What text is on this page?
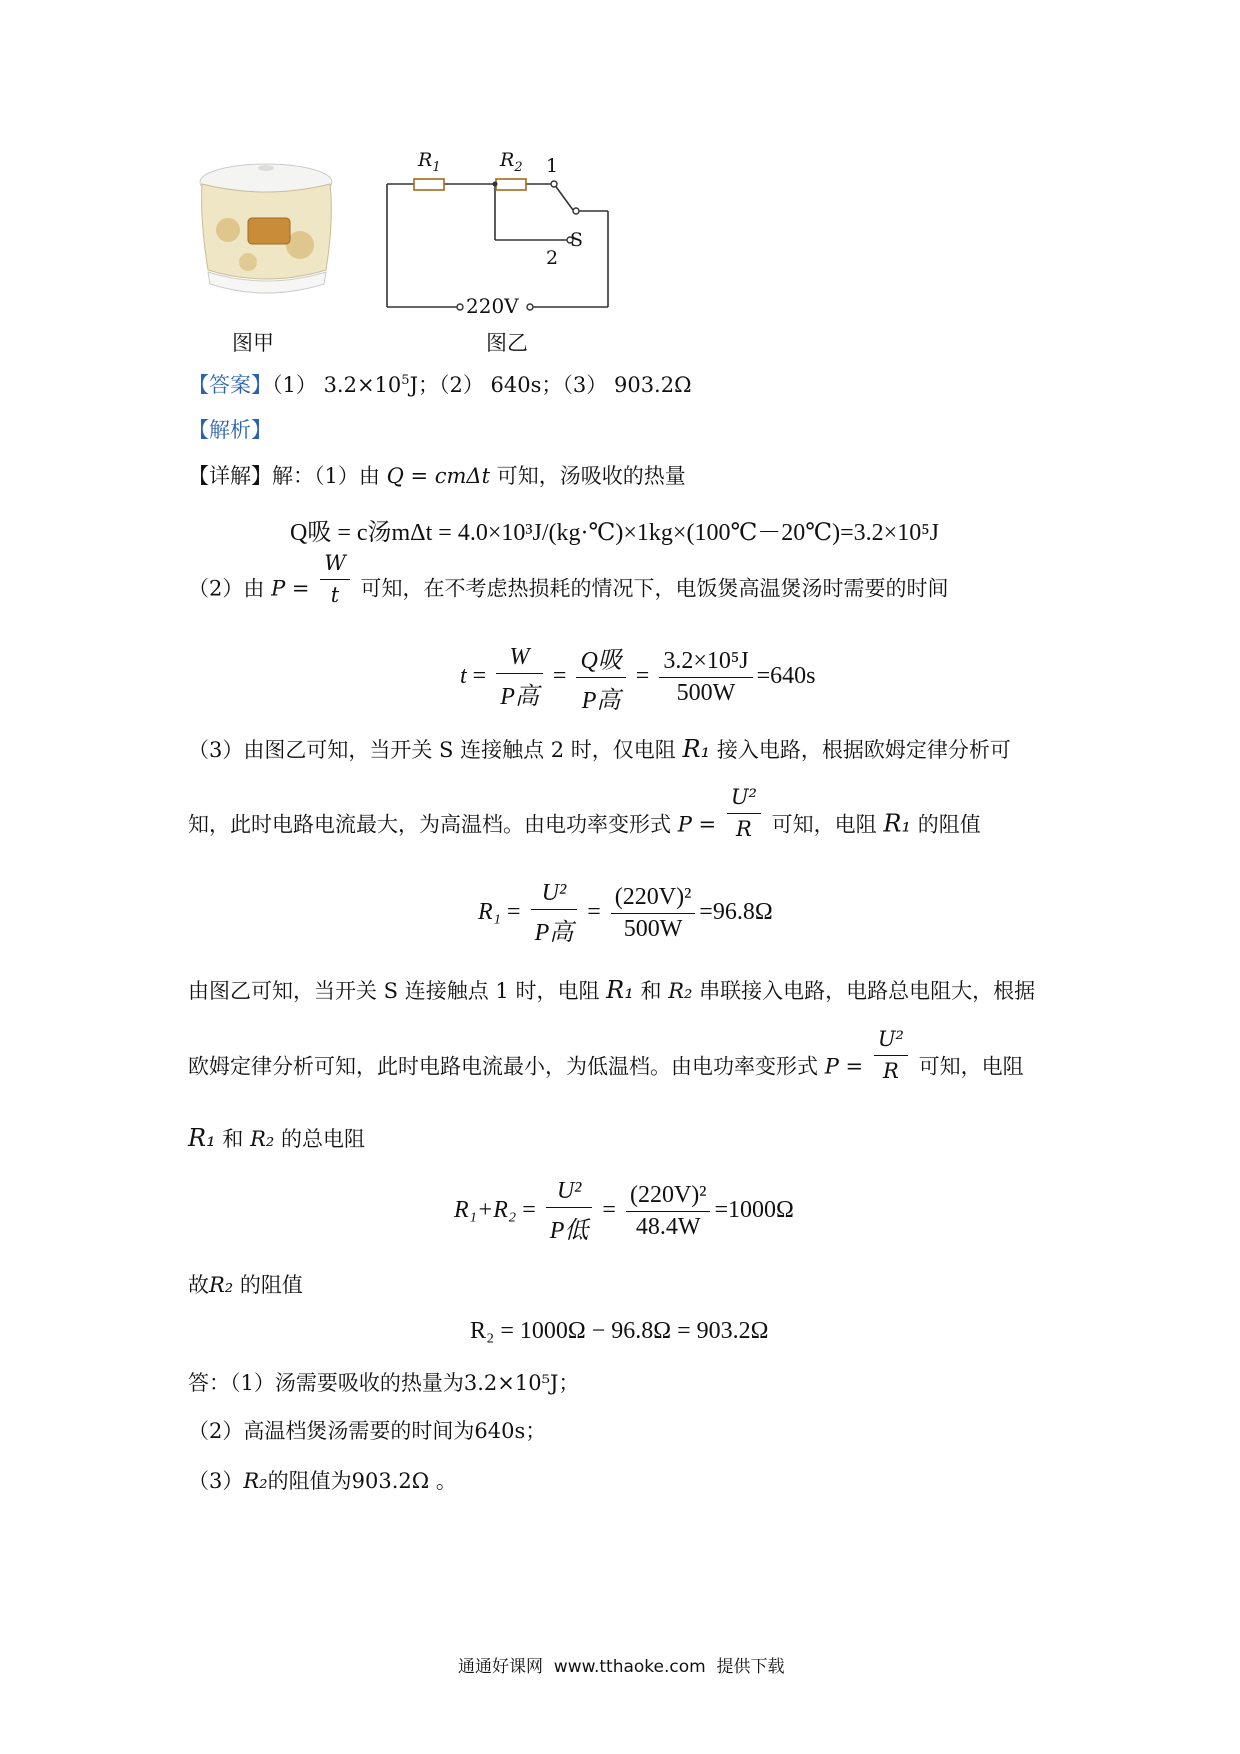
图甲
$R_1$	$R_2$ 1
S
2
220V
图乙
【答案】（1） $3.2\times 10^5J$；（2） 640s；（3） 903.2Ω
【解析】
【详解】解：（1）由 Q = cmΔt 可知，汤吸收的热量
Q吸 = c汤mΔt = 4.0×10³J/(kg·℃)×1kg×(100℃－20℃)=3.2×10⁵J
（2）由 $P = \frac{W}{t}$ 可知，在不考虑热损耗的情况下，电饭煲高温煲汤时需要的时间
$t = \frac{W}{\text{P高}} = \frac{\text{Q吸}}{\text{P高}} = \frac{\text{3.2×10⁵J}}{500W} =640s$
（3）由图乙可知，当开关 S 连接触点 2 时，仅电阻 R₁ 接入电路，根据欧姆定律分析可
知，此时电路电流最大，为高温档。由电功率变形式 $P = \frac{\text{U²}}{R}$ 可知，电阻 R₁ 的阻值
$R_1 = \frac{\text{U²}}{\text{P高}} = \frac{\text{(220V)²}}{500W} =96.8\Omega$
由图乙可知，当开关 S 连接触点 1 时，电阻 R₁ 和 R₂ 串联接入电路，电路总电阻大，根据
欧姆定律分析可知，此时电路电流最小，为低温档。由电功率变形式 $P = \frac{\text{U²}}{R}$ 可知，电阻
R₁ 和 R₂ 的总电阻
$R_1+R_2 = \frac{\text{U²}}{\text{P低}} = \frac{\text{(220V)²}}{48.4W} =1000\Omega$
故R₂ 的阻值
R₂ = 1000Ω − 96.8Ω = 903.2Ω
答：（1）汤需要吸收的热量为3.2×10⁵J；
（2）高温档煲汤需要的时间为640s；
（3）R₂的阻值为903.2Ω 。
通通好课网  www.tthaoke.com  提供下载
